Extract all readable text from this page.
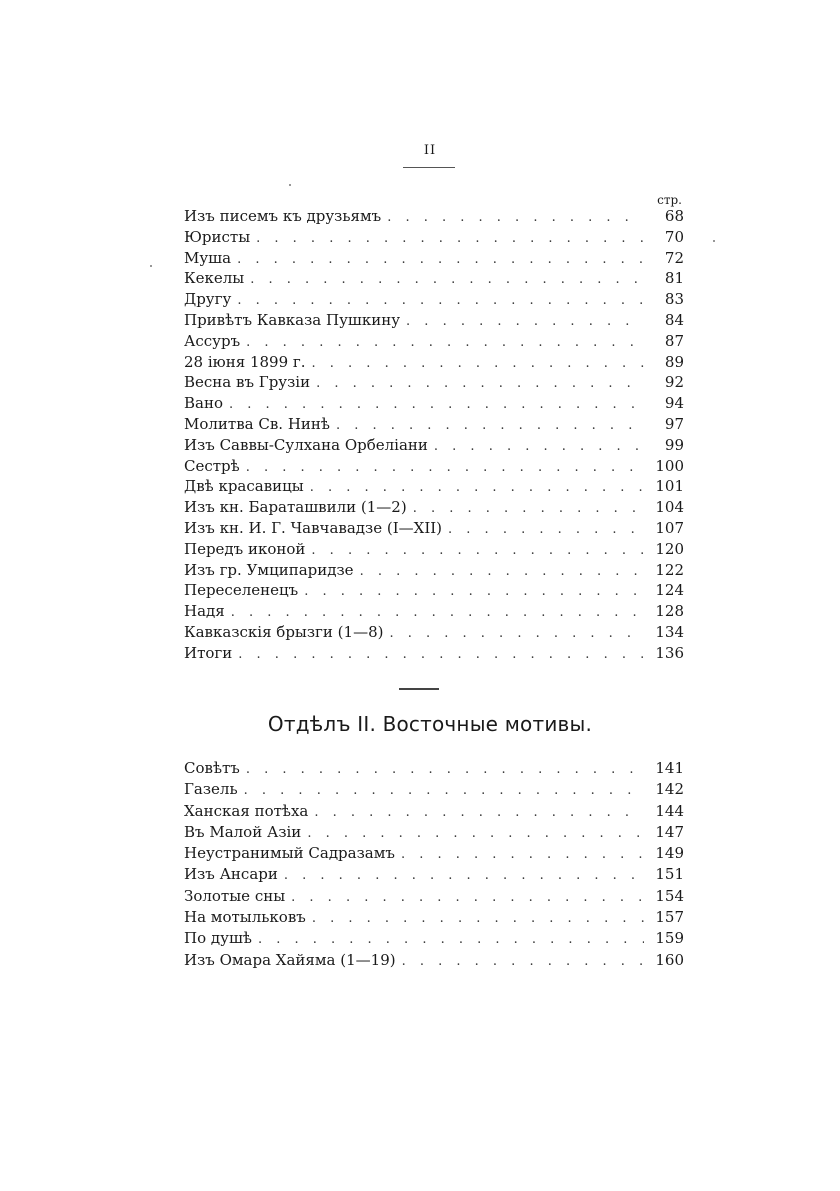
II
стр.
Изъ писемъ къ друзьямъ . . .	68
Юристы . . .	70
Муша . . .	72
Кекелы . . .	81
Другу . . .	83
Привѣтъ Кавказа Пушкину . . .	84
Ассуръ . . .	87
28 іюня 1899 г. . . .	89
Весна въ Грузіи . . .	92
Вано . . .	94
Молитва Св. Нинѣ . . .	97
Изъ Саввы-Сулхана Орбеліани . . .	99
Сестрѣ . . .	100
Двѣ красавицы . . .	101
Изъ кн. Бараташвили (1—2) . . .	104
Изъ кн. И. Г. Чавчавадзе (I—XII) . . .	107
Передъ иконой . . .	120
Изъ гр. Умципаридзе . . .	122
Переселенецъ . . .	124
Надя . . .	128
Кавказскія брызги (1—8) . . .	134
Итоги . . .	136
Отдѣлъ II. Восточные мотивы.
Совѣтъ . . .	141
Газель . . .	142
Ханская потѣха . . .	144
Въ Малой Азіи . . .	147
Неустранимый Садразамъ . . .	149
Изъ Ансари . . .	151
Золотые сны . . .	154
На мотыльковъ . . .	157
По душѣ . . .	159
Изъ Омара Хайяма (1—19) . . .	160
